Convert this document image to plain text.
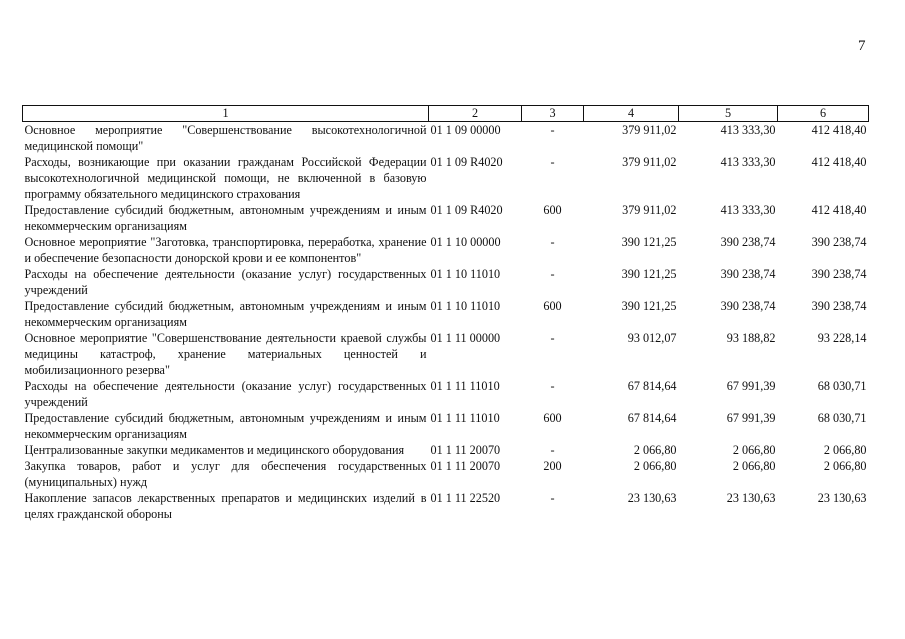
7
1	2	3	4	5	6
Основное мероприятие "Совершенствование высокотехнологичной медицинской помощи"	01 1 09 00000	-	379 911,02	413 333,30	412 418,40
Расходы, возникающие при оказании гражданам Российской Федерации высокотехнологичной медицинской помощи, не включенной в базовую программу обязательного медицинского страхования	01 1 09 R4020	-	379 911,02	413 333,30	412 418,40
Предоставление субсидий бюджетным, автономным учреждениям и иным некоммерческим организациям	01 1 09 R4020	600	379 911,02	413 333,30	412 418,40
Основное мероприятие "Заготовка, транспортировка, переработка, хранение и обеспечение безопасности донорской крови и ее компонентов"	01 1 10 00000	-	390 121,25	390 238,74	390 238,74
Расходы на обеспечение деятельности (оказание услуг) государственных учреждений	01 1 10 11010	-	390 121,25	390 238,74	390 238,74
Предоставление субсидий бюджетным, автономным учреждениям и иным некоммерческим организациям	01 1 10 11010	600	390 121,25	390 238,74	390 238,74
Основное мероприятие "Совершенствование деятельности краевой службы медицины катастроф, хранение материальных ценностей и мобилизационного резерва"	01 1 11 00000	-	93 012,07	93 188,82	93 228,14
Расходы на обеспечение деятельности (оказание услуг) государственных учреждений	01 1 11 11010	-	67 814,64	67 991,39	68 030,71
Предоставление субсидий бюджетным, автономным учреждениям и иным некоммерческим организациям	01 1 11 11010	600	67 814,64	67 991,39	68 030,71
Централизованные закупки медикаментов и медицинского оборудования	01 1 11 20070	-	2 066,80	2 066,80	2 066,80
Закупка товаров, работ и услуг для обеспечения государственных (муниципальных) нужд	01 1 11 20070	200	2 066,80	2 066,80	2 066,80
Накопление запасов лекарственных препаратов и медицинских изделий в целях гражданской обороны	01 1 11 22520	-	23 130,63	23 130,63	23 130,63
